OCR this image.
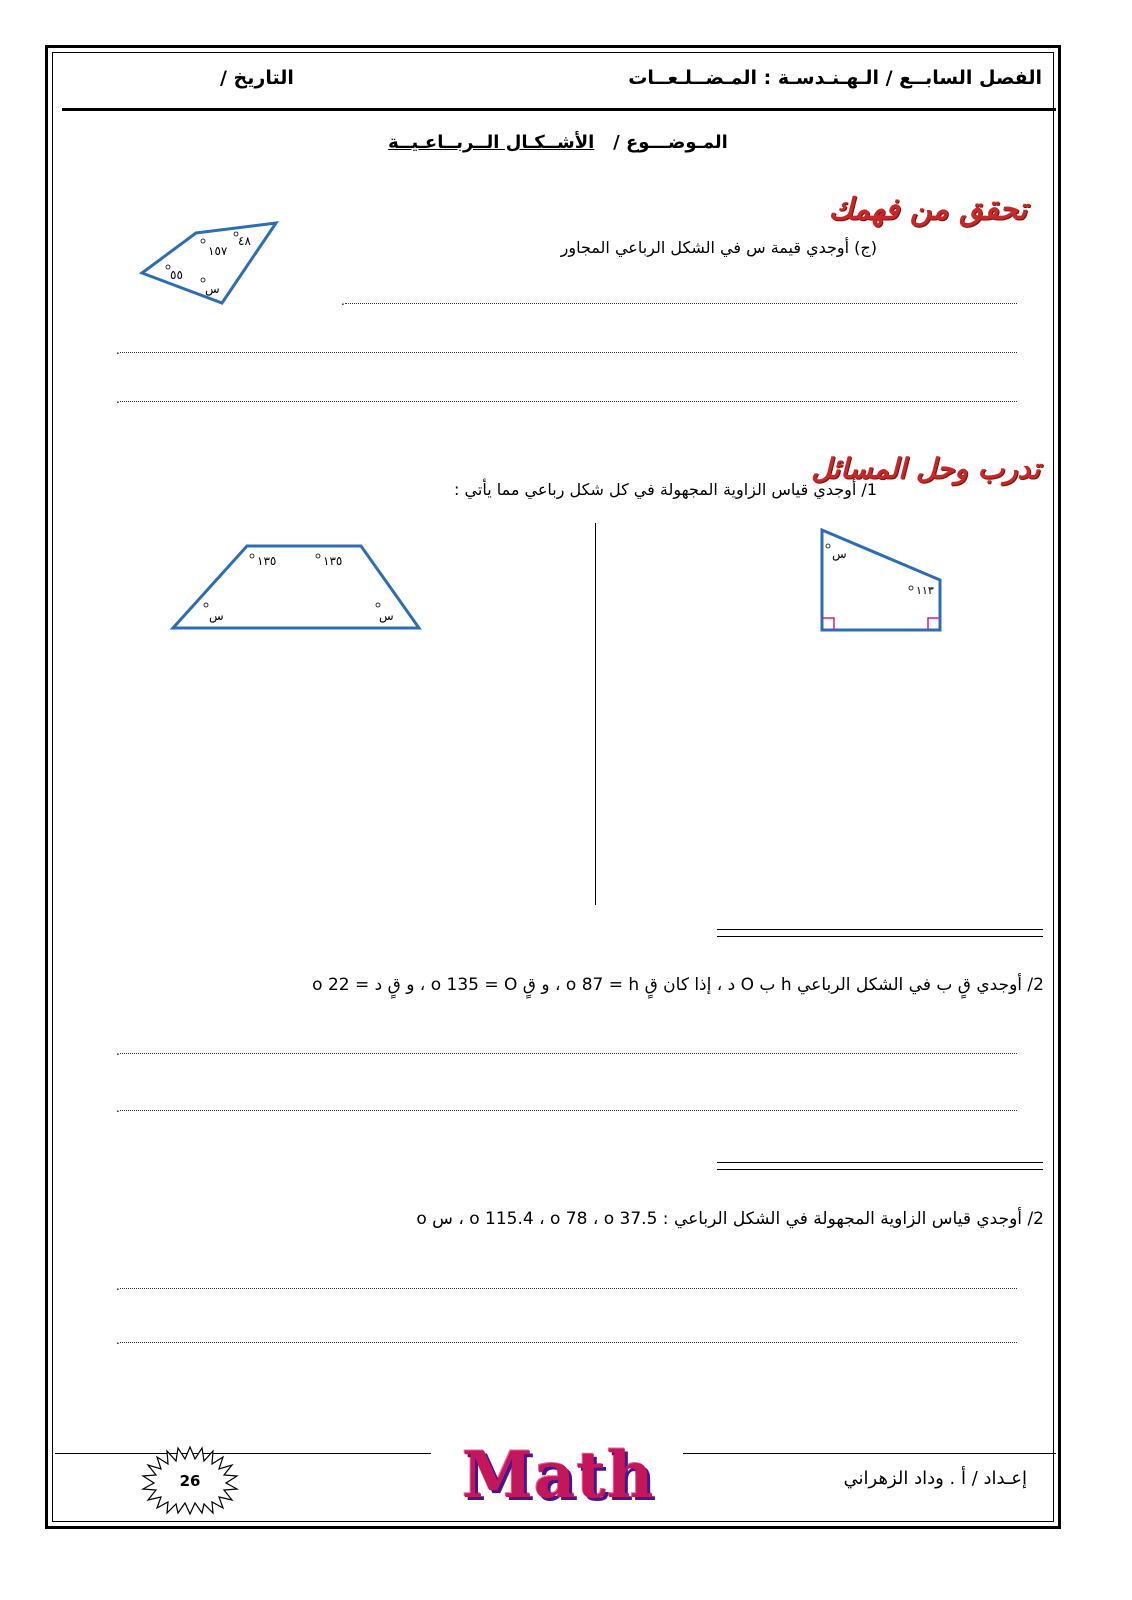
الفصل السابــع / الـهـنـدسـة : المـضــلـعــات
التاريخ /
المـوضـــوع /   الأشــكـال الــربــاعـيــة
تحقق من فهمك
(ج) أوجدي قيمة س في الشكل الرباعي المجاور
٤٨
١٥٧
٥٥
س
.
.
.
تدرب وحل المسائل
1/ أوجدي قياس الزاوية المجهولة في كل شكل رباعي مما يأتي :
س
١١٣
١٣٥	١٣٥
س	س
2/ أوجدي قٍ ب في الشكل الرباعي h ب O د ، إذا كان قٍ o 87 = h ، و قٍ o 135 = O ، و قٍ د = 22 o
.
.
2/ أوجدي قياس الزاوية المجهولة في الشكل الرباعي : 37.5 o 115.4 ، o 78 ، o ، س o
.
.
إعـداد / أ . وداد الزهراني
Math
26
